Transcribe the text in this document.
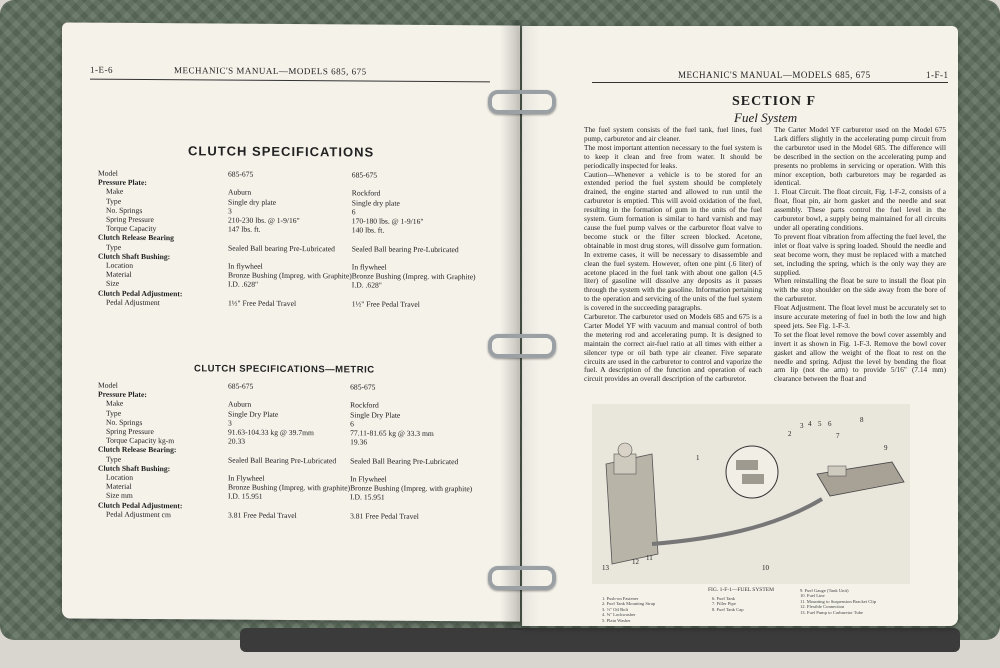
1-E-6	MECHANIC'S MANUAL—MODELS 685, 675
CLUTCH SPECIFICATIONS
Model	685-675	685-675
Pressure Plate:		
Make	Auburn	Rockford
Type	Single dry plate	Single dry plate
No. Springs	3	6
Spring Pressure	210-230 lbs. @ 1-9/16"	170-180 lbs. @ 1-9/16"
Torque Capacity	147 lbs. ft.	140 lbs. ft.
Clutch Release Bearing		
Type	Sealed Ball bearing Pre-Lubricated	Sealed Ball bearing Pre-Lubricated
Clutch Shaft Bushing:		
Location	In flywheel	In flywheel
Material	Bronze Bushing (Impreg. with Graphite)	Bronze Bushing (Impreg. with Graphite)
Size	I.D. .628"	I.D. .628"
Clutch Pedal Adjustment:		
Pedal Adjustment	1½" Free Pedal Travel	1½" Free Pedal Travel
CLUTCH SPECIFICATIONS—METRIC
Model	685-675	685-675
Pressure Plate:		
Make	Auburn	Rockford
Type	Single Dry Plate	Single Dry Plate
No. Springs	3	6
Spring Pressure	91.63-104.33 kg @ 39.7mm	77.11-81.65 kg @ 33.3 mm
Torque Capacity kg-m	20.33	19.36
Clutch Release Bearing:		
Type	Sealed Ball Bearing Pre-Lubricated	Sealed Ball Bearing Pre-Lubricated
Clutch Shaft Bushing:		
Location	In Flywheel	In Flywheel
Material	Bronze Bushing (Impreg. with graphite)	Bronze Bushing (Impreg. with graphite)
Size mm	I.D. 15.951	I.D. 15.951
Clutch Pedal Adjustment:		
Pedal Adjustment cm	3.81 Free Pedal Travel	3.81 Free Pedal Travel
MECHANIC'S MANUAL—MODELS 685, 675	1-F-1
SECTION F
Fuel System

The fuel system consists of the fuel tank, fuel lines, fuel pump, carburetor and air cleaner.

The most important attention necessary to the fuel system is to keep it clean and free from water. It should be periodically inspected for leaks.

Caution—Whenever a vehicle is to be stored for an extended period the fuel system should be completely drained, the engine started and allowed to run until the carburetor is emptied. This will avoid oxidation of the fuel, resulting in the formation of gum in the units of the fuel system. Gum formation is similar to hard varnish and may cause the fuel pump valves or the carburetor float valve to become stuck or the filter screen blocked. Acetone, obtainable in most drug stores, will dissolve gum formation. In extreme cases, it will be necessary to disassemble and clean the fuel system. However, often one pint (.6 liter) of acetone placed in the fuel tank with about one gallon (4.5 liter) of gasoline will dissolve any deposits as it passes through the system with the gasoline. Information pertaining to the operation and servicing of the units of the fuel system is covered in the succeeding paragraphs.

Carburetor. The carburetor used on Models 685 and 675 is a Carter Model YF with vacuum and manual control of both the metering rod and accelerating pump. It is designed to maintain the correct air-fuel ratio at all times with either a silencer type or oil bath type air cleaner. Five separate circuits are used in the carburetor to control and vaporize the fuel. A description of the function and operation of each circuit provides an overall description of the carburetor.

The Carter Model YF carburetor used on the Model 675 Lark differs slightly in the accelerating pump circuit from the carburetor used in the Model 685. The difference will be described in the section on the accelerating pump and presents no problems in servicing or operation. With this minor exception, both carburetors may be regarded as identical.

1. Float Circuit. The float circuit, Fig. 1-F-2, consists of a float, float pin, air horn gasket and the needle and seat assembly. These parts control the fuel level in the carburetor bowl, a supply being maintained for all circuits under all operating conditions.

To prevent float vibration from affecting the fuel level, the inlet or float valve is spring loaded. Should the needle and seat become worn, they must be replaced with a matched set, including the spring, which is the only way they are supplied.

When reinstalling the float be sure to install the float pin with the stop shoulder on the side away from the bore of the carburetor.

Float Adjustment. The float level must be accurately set to insure accurate metering of fuel in both the low and high speed jets. See Fig. 1-F-3.

To set the float level remove the bowl cover assembly and invert it as shown in Fig. 1-F-3. Remove the bowl cover gasket and allow the weight of the float to rest on the needle and spring. Adjust the level by bending the float arm lip (not the arm) to provide 5/16" (7.14 mm) clearance between the float and

1
2
3 4 5 6
7
8
9
10
11
12
13
FIG. 1-F-1—FUEL SYSTEM
1. Push-on Fastener
2. Fuel Tank Mounting Strap
3. ½" Oil Bolt
4. ⅝" Lockwasher
5. Plain Washer
6. Fuel Tank
7. Filler Pipe
8. Fuel Tank Cap
9. Fuel Gauge (Tank Unit)
10. Fuel Line
11. Mounting to Suspension Bracket Clip
12. Flexible Connection
13. Fuel Pump to Carburetor Tube
